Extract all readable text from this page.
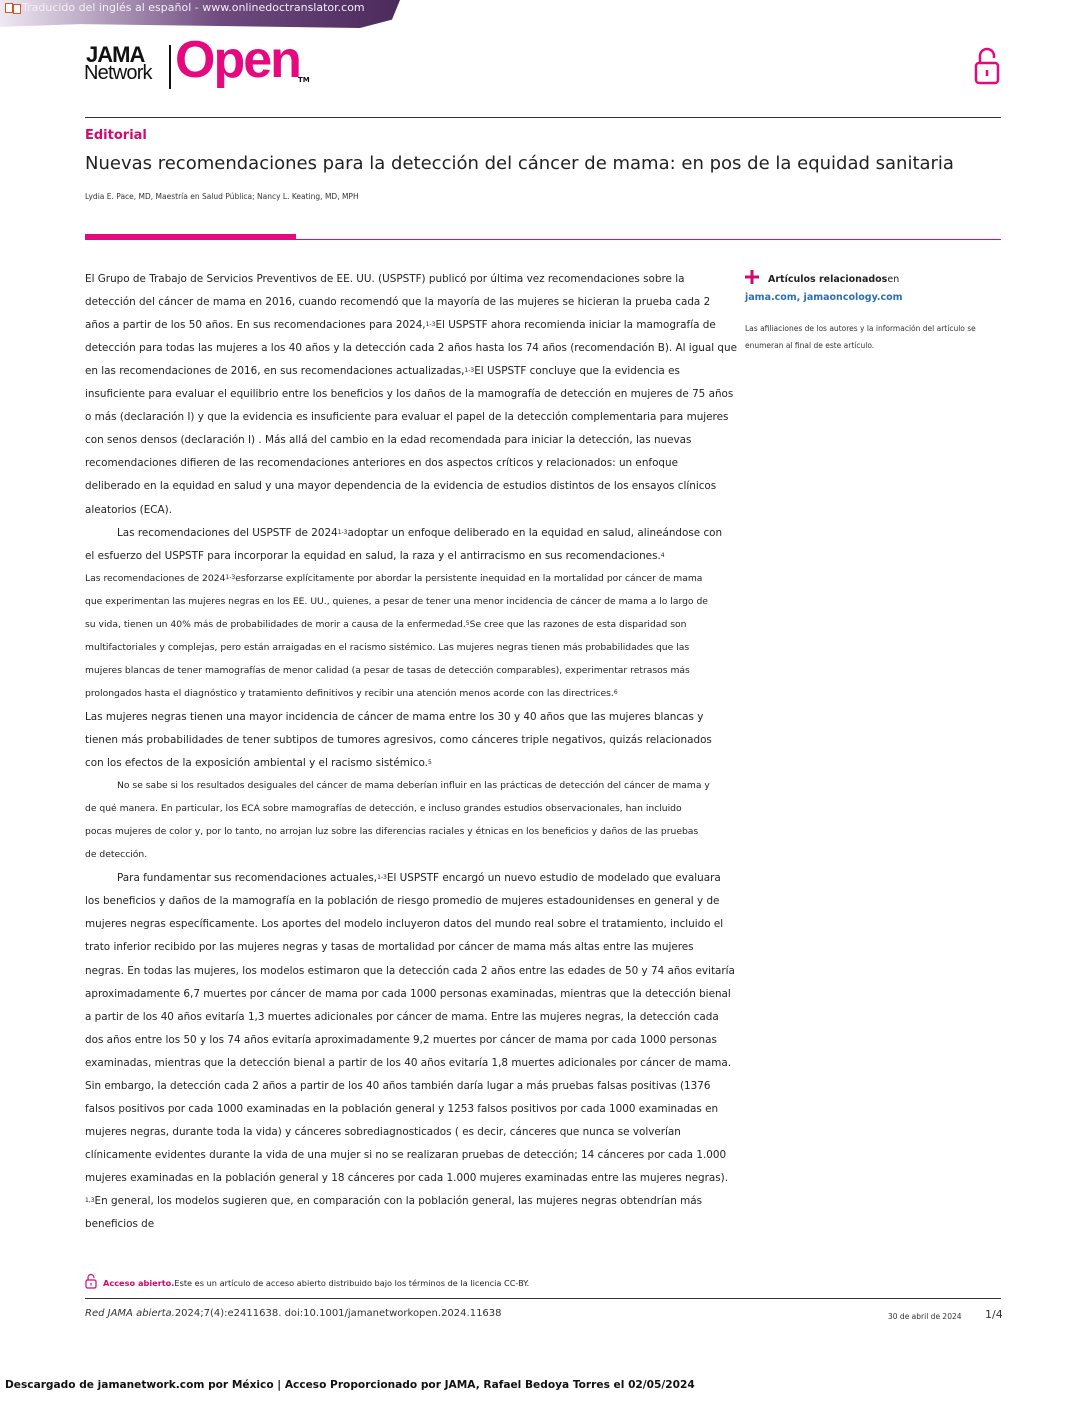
Traducido del inglés al español - www.onlinedoctranslator.com
JAMA
Network Open
TM
Editorial
Nuevas recomendaciones para la detección del cáncer de mama: en pos de la equidad sanitaria
Lydia E. Pace, MD, Maestría en Salud Pública; Nancy L. Keating, MD, MPH
El Grupo de Trabajo de Servicios Preventivos de EE. UU. (USPSTF) publicó por última vez recomendaciones sobre la
detección del cáncer de mama en 2016, cuando recomendó que la mayoría de las mujeres se hicieran la prueba cada 2
años a partir de los 50 años. En sus recomendaciones para 2024,1-3El USPSTF ahora recomienda iniciar la mamografía de
detección para todas las mujeres a los 40 años y la detección cada 2 años hasta los 74 años (recomendación B). Al igual que
en las recomendaciones de 2016, en sus recomendaciones actualizadas,1-3El USPSTF concluye que la evidencia es
insuficiente para evaluar el equilibrio entre los beneficios y los daños de la mamografía de detección en mujeres de 75 años
o más (declaración I) y que la evidencia es insuficiente para evaluar el papel de la detección complementaria para mujeres
con senos densos (declaración I) . Más allá del cambio en la edad recomendada para iniciar la detección, las nuevas
recomendaciones difieren de las recomendaciones anteriores en dos aspectos críticos y relacionados: un enfoque
deliberado en la equidad en salud y una mayor dependencia de la evidencia de estudios distintos de los ensayos clínicos
aleatorios (ECA).
Las recomendaciones del USPSTF de 20241-3adoptar un enfoque deliberado en la equidad en salud, alineándose con
el esfuerzo del USPSTF para incorporar la equidad en salud, la raza y el antirracismo en sus recomendaciones.4
Las recomendaciones de 2024$^{1-3}$esforzarse explícitamente por abordar la persistente inequidad en la mortalidad por cáncer de mama
que experimentan las mujeres negras en los EE. UU., quienes, a pesar de tener una menor incidencia de cáncer de mama a lo largo de
su vida, tienen un 40% más de probabilidades de morir a causa de la enfermedad.$^5$Se cree que las razones de esta disparidad son
multifactoriales y complejas, pero están arraigadas en el racismo sistémico. Las mujeres negras tienen más probabilidades que las
mujeres blancas de tener mamografías de menor calidad (a pesar de tasas de detección comparables), experimentar retrasos más
prolongados hasta el diagnóstico y tratamiento definitivos y recibir una atención menos acorde con las directrices.$^6$
Las mujeres negras tienen una mayor incidencia de cáncer de mama entre los 30 y 40 años que las mujeres blancas y
tienen más probabilidades de tener subtipos de tumores agresivos, como cánceres triple negativos, quizás relacionados
con los efectos de la exposición ambiental y el racismo sistémico.5
No se sabe si los resultados desiguales del cáncer de mama deberían influir en las prácticas de detección del cáncer de mama y
de qué manera. En particular, los ECA sobre mamografías de detección, e incluso grandes estudios observacionales, han incluido
pocas mujeres de color y, por lo tanto, no arrojan luz sobre las diferencias raciales y étnicas en los beneficios y daños de las pruebas
de detección.
Para fundamentar sus recomendaciones actuales,1-3El USPSTF encargó un nuevo estudio de modelado que evaluara
los beneficios y daños de la mamografía en la población de riesgo promedio de mujeres estadounidenses en general y de
mujeres negras específicamente. Los aportes del modelo incluyeron datos del mundo real sobre el tratamiento, incluido el
trato inferior recibido por las mujeres negras y tasas de mortalidad por cáncer de mama más altas entre las mujeres
negras. En todas las mujeres, los modelos estimaron que la detección cada 2 años entre las edades de 50 y 74 años evitaría
aproximadamente 6,7 muertes por cáncer de mama por cada 1000 personas examinadas, mientras que la detección bienal
a partir de los 40 años evitaría 1,3 muertes adicionales por cáncer de mama. Entre las mujeres negras, la detección cada
dos años entre los 50 y los 74 años evitaría aproximadamente 9,2 muertes por cáncer de mama por cada 1000 personas
examinadas, mientras que la detección bienal a partir de los 40 años evitaría 1,8 muertes adicionales por cáncer de mama.
Sin embargo, la detección cada 2 años a partir de los 40 años también daría lugar a más pruebas falsas positivas (1376
falsos positivos por cada 1000 examinadas en la población general y 1253 falsos positivos por cada 1000 examinadas en
mujeres negras, durante toda la vida) y cánceres sobrediagnosticados ( es decir, cánceres que nunca se volverían
clínicamente evidentes durante la vida de una mujer si no se realizaran pruebas de detección; 14 cánceres por cada 1.000
mujeres examinadas en la población general y 18 cánceres por cada 1.000 mujeres examinadas entre las mujeres negras).
1,3En general, los modelos sugieren que, en comparación con la población general, las mujeres negras obtendrían más
beneficios de
Artículos relacionadosen
jama.com, jamaoncology.com
Las afiliaciones de los autores y la información del artículo se
enumeran al final de este artículo.
Acceso abierto.Este es un artículo de acceso abierto distribuido bajo los términos de la licencia CC-BY.
Red JAMA abierta.2024;7(4):e2411638. doi:10.1001/jamanetworkopen.2024.11638	30 de abril de 2024 1/4
Descargado de jamanetwork.com por México | Acceso Proporcionado por JAMA, Rafael Bedoya Torres el 02/05/2024
